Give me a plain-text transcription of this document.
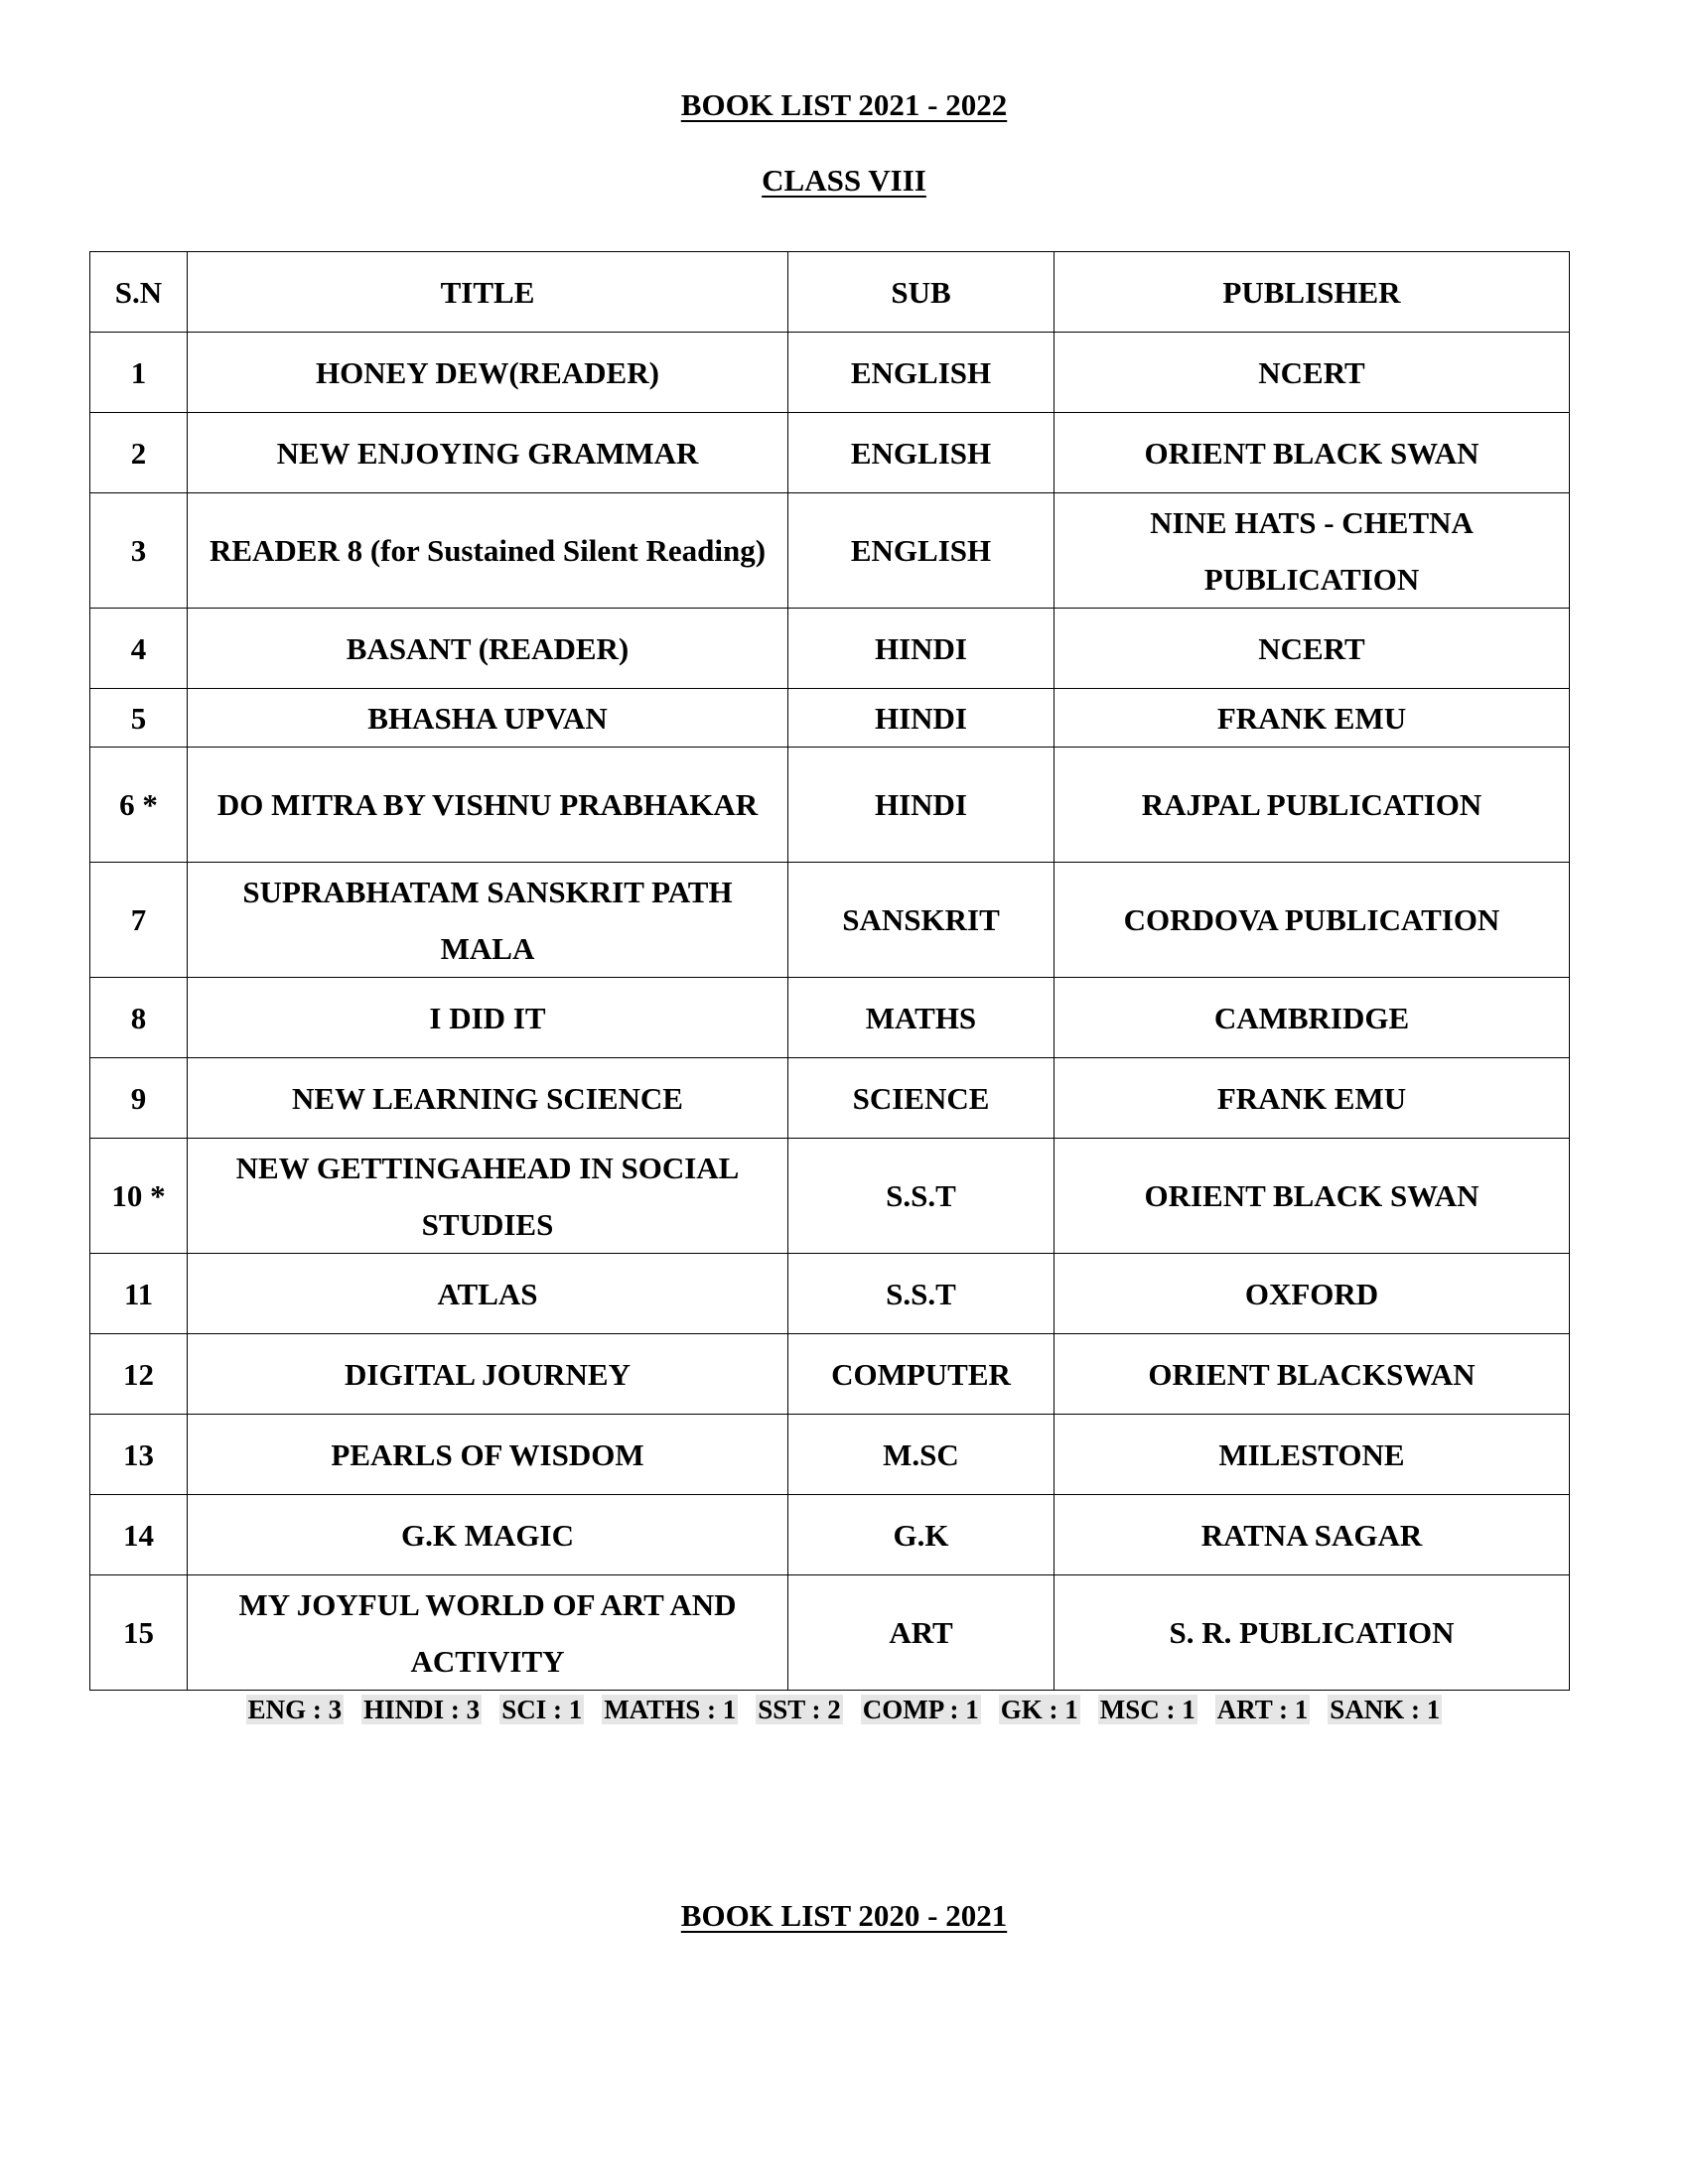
BOOK LIST 2021 - 2022
CLASS VIII
S.N	TITLE	SUB	PUBLISHER
1	HONEY DEW(READER)	ENGLISH	NCERT
2	NEW ENJOYING GRAMMAR	ENGLISH	ORIENT BLACK SWAN
3	READER 8 (for Sustained Silent Reading)	ENGLISH	NINE HATS - CHETNA PUBLICATION
4	BASANT (READER)	HINDI	NCERT
5	BHASHA UPVAN	HINDI	FRANK EMU
6 *	DO MITRA BY VISHNU PRABHAKAR	HINDI	RAJPAL PUBLICATION
7	SUPRABHATAM SANSKRIT PATH MALA	SANSKRIT	CORDOVA PUBLICATION
8	I DID IT	MATHS	CAMBRIDGE
9	NEW LEARNING SCIENCE	SCIENCE	FRANK EMU
10 *	NEW GETTINGAHEAD IN SOCIAL STUDIES	S.S.T	ORIENT BLACK SWAN
11	ATLAS	S.S.T	OXFORD
12	DIGITAL JOURNEY	COMPUTER	ORIENT BLACKSWAN
13	PEARLS OF WISDOM	M.SC	MILESTONE
14	G.K MAGIC	G.K	RATNA SAGAR
15	MY JOYFUL WORLD OF ART AND ACTIVITY	ART	S. R. PUBLICATION
ENG : 3 HINDI : 3 SCI : 1 MATHS : 1 SST : 2 COMP : 1 GK : 1 MSC : 1 ART : 1 SANK : 1
BOOK LIST 2020 - 2021
